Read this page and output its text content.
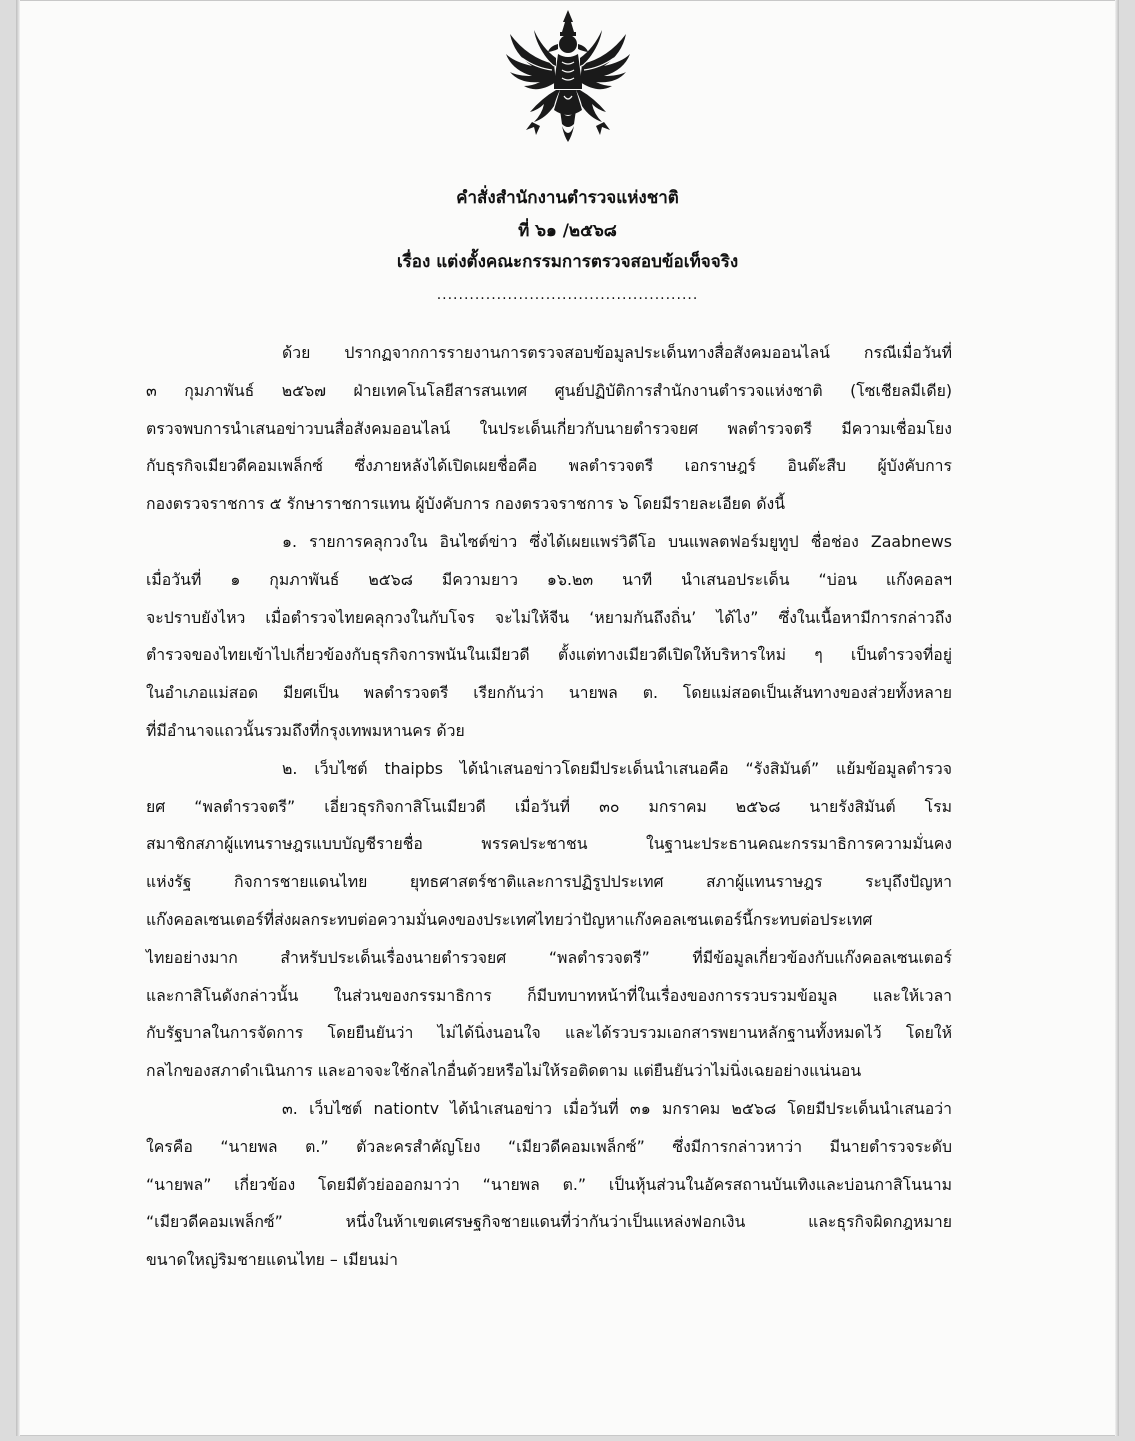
คำสั่งสำนักงานตำรวจแห่งชาติ
ที่ ๖๑ /๒๕๖๘
เรื่อง แต่งตั้งคณะกรรมการตรวจสอบข้อเท็จจริง
................................................
ด้วย ปรากฏจากการรายงานการตรวจสอบข้อมูลประเด็นทางสื่อสังคมออนไลน์ กรณีเมื่อวันที่
๓ กุมภาพันธ์ ๒๕๖๗ ฝ่ายเทคโนโลยีสารสนเทศ ศูนย์ปฏิบัติการสำนักงานตำรวจแห่งชาติ (โซเชียลมีเดีย)
ตรวจพบการนำเสนอข่าวบนสื่อสังคมออนไลน์ ในประเด็นเกี่ยวกับนายตำรวจยศ พลตำรวจตรี มีความเชื่อมโยง
กับธุรกิจเมียวดีคอมเพล็กซ์ ซึ่งภายหลังได้เปิดเผยชื่อคือ พลตำรวจตรี เอกราษฎร์ อินต๊ะสืบ ผู้บังคับการ
กองตรวจราชการ ๕ รักษาราชการแทน ผู้บังคับการ กองตรวจราชการ ๖ โดยมีรายละเอียด ดังนี้
๑. รายการคลุกวงใน อินไซต์ข่าว ซึ่งได้เผยแพร่วิดีโอ บนแพลตฟอร์มยูทูป ชื่อช่อง Zaabnews
เมื่อวันที่ ๑ กุมภาพันธ์ ๒๕๖๘ มีความยาว ๑๖.๒๓ นาที นำเสนอประเด็น “บ่อน แก๊งคอลฯ
จะปราบยังไหว เมื่อตำรวจไทยคลุกวงในกับโจร จะไม่ให้จีน ‘หยามกันถึงถิ่น’ ได้ไง” ซึ่งในเนื้อหามีการกล่าวถึง
ตำรวจของไทยเข้าไปเกี่ยวข้องกับธุรกิจการพนันในเมียวดี ตั้งแต่ทางเมียวดีเปิดให้บริหารใหม่ ๆ เป็นตำรวจที่อยู่
ในอำเภอแม่สอด มียศเป็น พลตำรวจตรี เรียกกันว่า นายพล ต. โดยแม่สอดเป็นเส้นทางของส่วยทั้งหลาย
ที่มีอำนาจแถวนั้นรวมถึงที่กรุงเทพมหานคร ด้วย
๒. เว็บไซต์ thaipbs ได้นำเสนอข่าวโดยมีประเด็นนำเสนอคือ “รังสิมันต์” แย้มข้อมูลตำรวจ
ยศ “พลตำรวจตรี” เอี่ยวธุรกิจกาสิโนเมียวดี เมื่อวันที่ ๓๐ มกราคม ๒๕๖๘ นายรังสิมันต์ โรม
สมาชิกสภาผู้แทนราษฎรแบบบัญชีรายชื่อ พรรคประชาชน ในฐานะประธานคณะกรรมาธิการความมั่นคง
แห่งรัฐ กิจการชายแดนไทย ยุทธศาสตร์ชาติและการปฏิรูปประเทศ สภาผู้แทนราษฎร ระบุถึงปัญหา
แก๊งคอลเซนเตอร์ที่ส่งผลกระทบต่อความมั่นคงของประเทศไทยว่าปัญหาแก๊งคอลเซนเตอร์นี้กระทบต่อประเทศ
ไทยอย่างมาก สำหรับประเด็นเรื่องนายตำรวจยศ “พลตำรวจตรี” ที่มีข้อมูลเกี่ยวข้องกับแก๊งคอลเซนเตอร์
และกาสิโนดังกล่าวนั้น ในส่วนของกรรมาธิการ ก็มีบทบาทหน้าที่ในเรื่องของการรวบรวมข้อมูล และให้เวลา
กับรัฐบาลในการจัดการ โดยยืนยันว่า ไม่ได้นิ่งนอนใจ และได้รวบรวมเอกสารพยานหลักฐานทั้งหมดไว้ โดยให้
กลไกของสภาดำเนินการ และอาจจะใช้กลไกอื่นด้วยหรือไม่ให้รอติดตาม แต่ยืนยันว่าไม่นิ่งเฉยอย่างแน่นอน
๓. เว็บไซต์ nationtv ได้นำเสนอข่าว เมื่อวันที่ ๓๑ มกราคม ๒๕๖๘ โดยมีประเด็นนำเสนอว่า
ใครคือ “นายพล ต.” ตัวละครสำคัญโยง “เมียวดีคอมเพล็กซ์” ซึ่งมีการกล่าวหาว่า มีนายตำรวจระดับ
“นายพล” เกี่ยวข้อง โดยมีตัวย่อออกมาว่า “นายพล ต.” เป็นหุ้นส่วนในอัครสถานบันเทิงและบ่อนกาสิโนนาม
“เมียวดีคอมเพล็กซ์” หนึ่งในห้าเขตเศรษฐกิจชายแดนที่ว่ากันว่าเป็นแหล่งฟอกเงิน และธุรกิจผิดกฎหมาย
ขนาดใหญ่ริมชายแดนไทย – เมียนม่า
